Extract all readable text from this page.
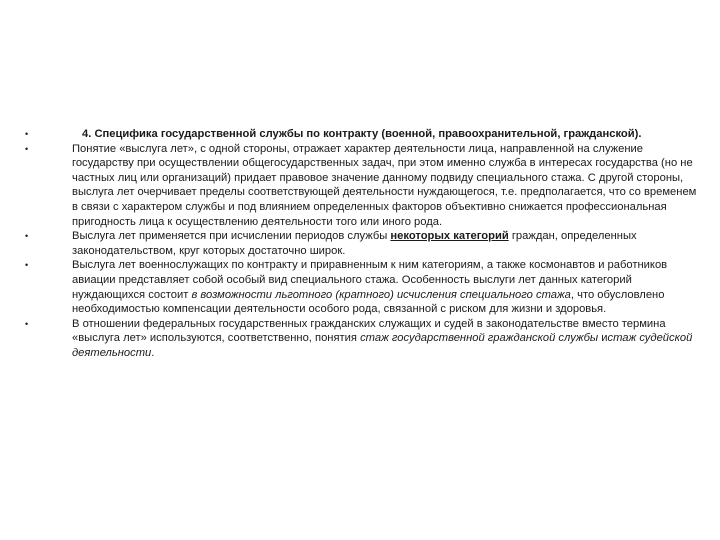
•	4. Специфика государственной службы по контракту (военной, правоохранительной, гражданской).
•	Понятие «выслуга лет», с одной стороны, отражает характер деятельности лица, направленной на служение государству при осуществлении общегосударственных задач, при этом именно служба в интересах государства (но не частных лиц или организаций) придает правовое значение данному подвиду специального стажа. С другой стороны, выслуга лет очерчивает пределы соответствующей деятельности нуждающегося, т.е. предполагается, что со временем в связи с характером службы и под влиянием определенных факторов объективно снижается профессиональная пригодность лица к осуществлению деятельности того или иного рода.
•	Выслуга лет применяется при исчислении периодов службы некоторых категорий граждан, определенных законодательством, круг которых достаточно широк.
•	Выслуга лет военнослужащих по контракту и приравненным к ним категориям, а также космонавтов и работников авиации представляет собой особый вид специального стажа. Особенность выслуги лет данных категорий нуждающихся состоит в возможности льготного (кратного) исчисления специального стажа, что обусловлено необходимостью компенсации деятельности особого рода, связанной с риском для жизни и здоровья.
•	В отношении федеральных государственных гражданских служащих и судей в законодательстве вместо термина «выслуга лет» используются, соответственно, понятия стаж государственной гражданской службы истаж судейской деятельности.
